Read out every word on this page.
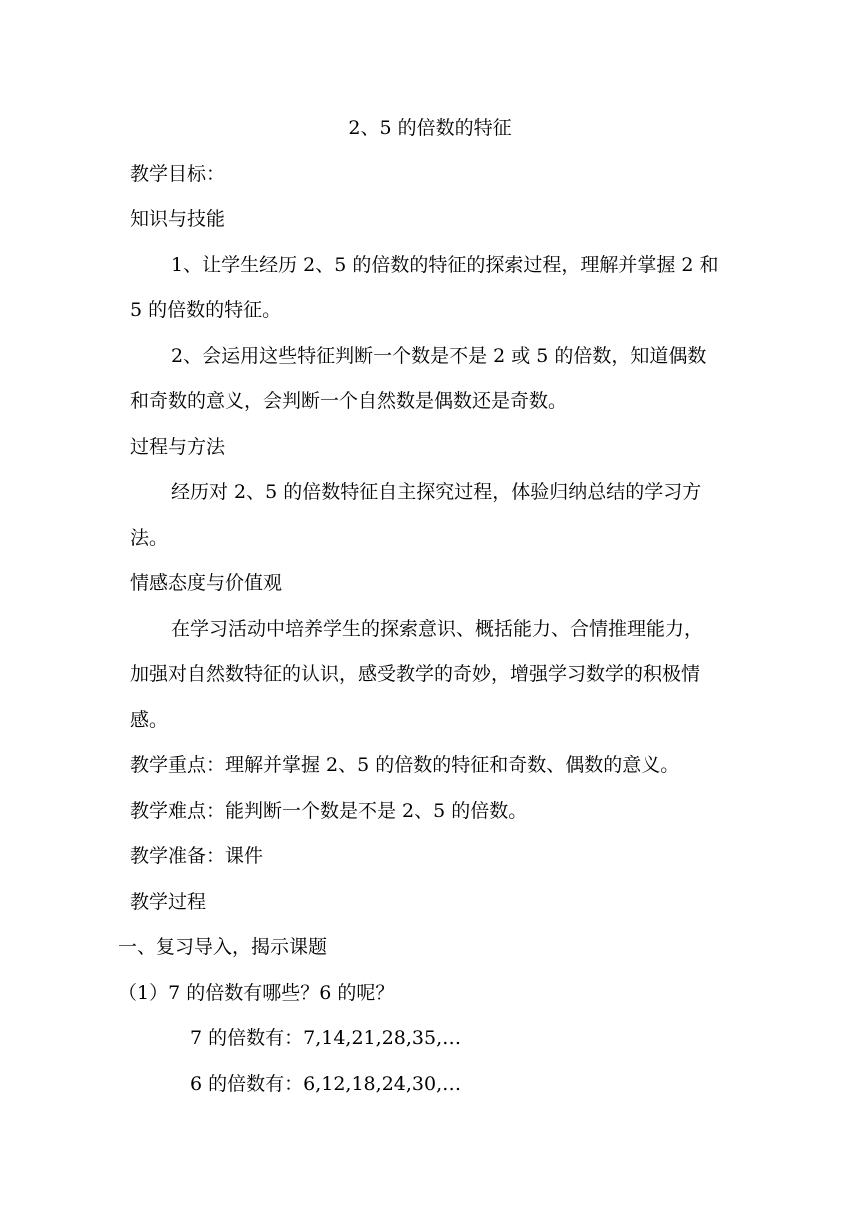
2、5 的倍数的特征
教学目标：
知识与技能
1、让学生经历 2、5 的倍数的特征的探索过程，理解并掌握 2 和
5 的倍数的特征。
2、会运用这些特征判断一个数是不是 2 或 5 的倍数，知道偶数
和奇数的意义，会判断一个自然数是偶数还是奇数。
过程与方法
经历对 2、5 的倍数特征自主探究过程，体验归纳总结的学习方
法。
情感态度与价值观
在学习活动中培养学生的探索意识、概括能力、合情推理能力，
加强对自然数特征的认识，感受教学的奇妙，增强学习数学的积极情
感。
教学重点：理解并掌握 2、5 的倍数的特征和奇数、偶数的意义。
教学难点：能判断一个数是不是 2、5 的倍数。
教学准备：课件
教学过程
一、复习导入，揭示课题
（1）7 的倍数有哪些？6 的呢？
7 的倍数有：7,14,21,28,35,…
6 的倍数有：6,12,18,24,30,…
